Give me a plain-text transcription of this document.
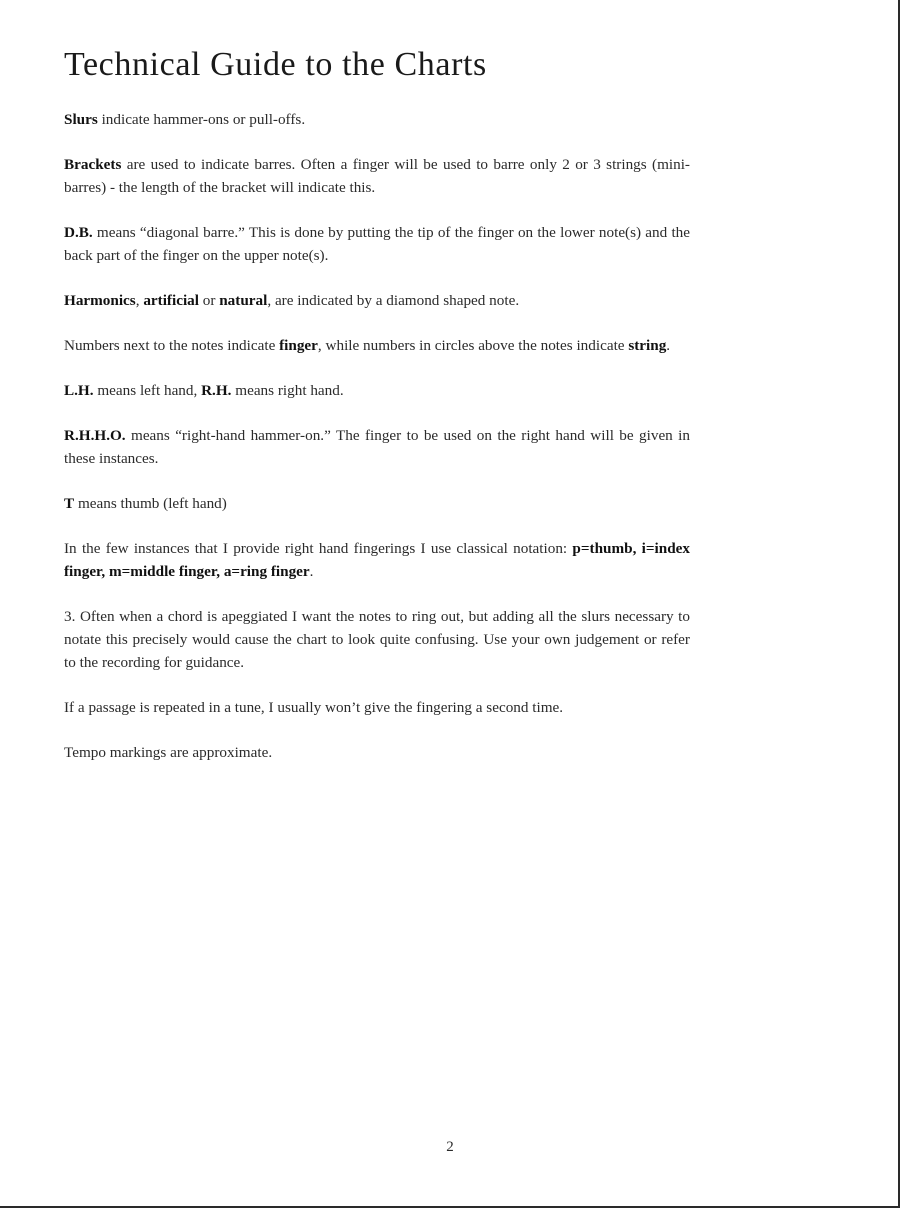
Technical Guide to the Charts

Slurs indicate hammer-ons or pull-offs.

Brackets are used to indicate barres. Often a finger will be used to barre only 2 or 3 strings (mini-barres) - the length of the bracket will indicate this.

D.B. means “diagonal barre.” This is done by putting the tip of the finger on the lower note(s) and the back part of the finger on the upper note(s).

Harmonics, artificial or natural, are indicated by a diamond shaped note.

Numbers next to the notes indicate finger, while numbers in circles above the notes indicate string.

L.H. means left hand, R.H. means right hand.

R.H.H.O. means “right-hand hammer-on.” The finger to be used on the right hand will be given in these instances.

T means thumb (left hand)

In the few instances that I provide right hand fingerings I use classical notation: p=thumb, i=index finger, m=middle finger, a=ring finger.

3. Often when a chord is apeggiated I want the notes to ring out, but adding all the slurs necessary to notate this precisely would cause the chart to look quite confusing. Use your own judgement or refer to the recording for guidance.

If a passage is repeated in a tune, I usually won’t give the fingering a second time.

Tempo markings are approximate.

2
